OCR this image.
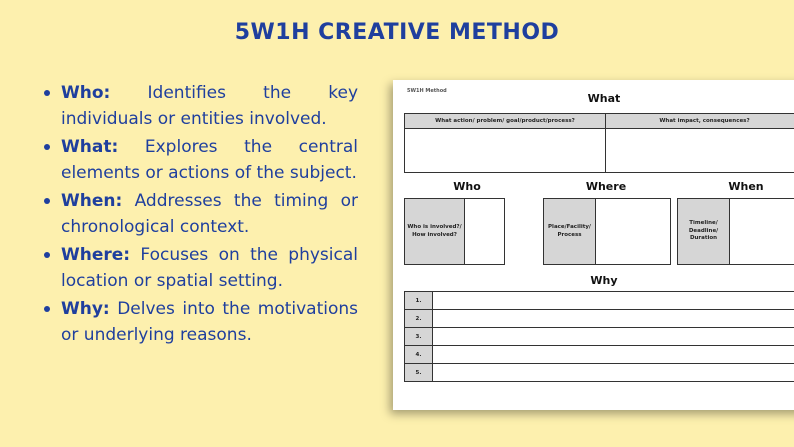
5W1H CREATIVE METHOD
Who: Identifies the key individuals or entities involved.
What: Explores the central elements or actions of the subject.
When: Addresses the timing or chronological context.
Where: Focuses on the physical location or spatial setting.
Why: Delves into the motivations or underlying reasons.
5W1H Method
What
What action/ problem/ goal/product/process?	What impact, consequences?
Who	Where	When
Who is involved?/ How involved?
Place/Facility/ Process
Timeline/ Deadline/ Duration
Why
1.
2.
3.
4.
5.
